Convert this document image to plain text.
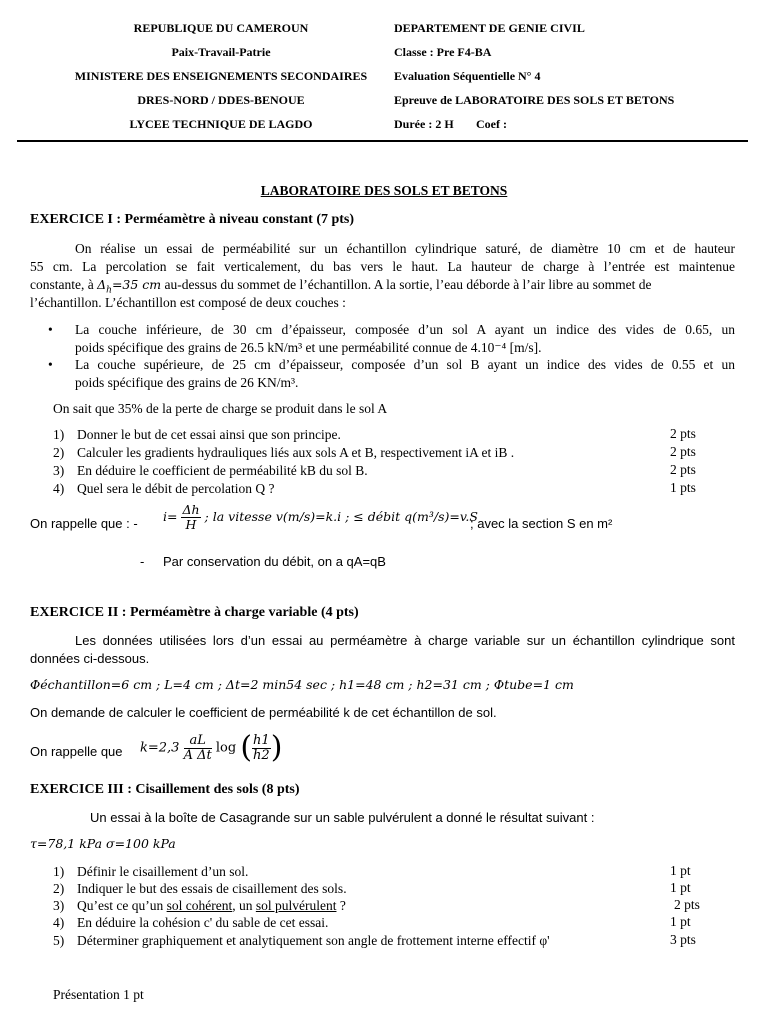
REPUBLIQUE DU CAMEROUN
Paix-Travail-Patrie
MINISTERE DES ENSEIGNEMENTS SECONDAIRES
DRES-NORD / DDES-BENOUE
LYCEE TECHNIQUE DE LAGDO
DEPARTEMENT DE GENIE CIVIL
Classe : Pre F4-BA
Evaluation Séquentielle N° 4
Epreuve de LABORATOIRE DES SOLS ET BETONS
Durée : 2 H Coef :
LABORATOIRE DES SOLS ET BETONS
EXERCICE I : Perméamètre à niveau constant (7 pts)
On réalise un essai de perméabilité sur un échantillon cylindrique saturé, de diamètre 10 cm et de hauteur
55 cm. La percolation se fait verticalement, du bas vers le haut. La hauteur de charge à l’entrée est maintenue
constante, à $\Delta_h=35$ cm au-dessus du sommet de l’échantillon. A la sortie, l’eau déborde à l’air libre au sommet de
l’échantillon. L’échantillon est composé de deux couches :
• La couche inférieure, de 30 cm d’épaisseur, composée d’un sol A ayant un indice des vides de 0.65, un
poids spécifique des grains de 26.5 kN/m³ et une perméabilité connue de 4.10⁻⁴ [m/s].
• La couche supérieure, de 25 cm d’épaisseur, composée d’un sol B ayant un indice des vides de 0.55 et un
poids spécifique des grains de 26 KN/m³.
On sait que 35% de la perte de charge se produit dans le sol A
1) Donner le but de cet essai ainsi que son principe.	2 pts
2) Calculer les gradients hydrauliques liés aux sols A et B, respectivement iA et iB .	2 pts
3) En déduire le coefficient de perméabilité kB du sol B.	2 pts
4) Quel sera le débit de percolation Q ?	1 pts
On rappelle que : - $i= \frac{\Delta h}{H}$ ; la vitesse v(m/s)=k.i ; ≤ débit q(m³/s)=v.S
; avec la section S en m²
- Par conservation du débit, on a qA=qB
EXERCICE II : Perméamètre à charge variable (4 pts)
Les données utilisées lors d’un essai au perméamètre à charge variable sur un échantillon cylindrique sont
données ci-dessous.
Φéchantillon=6 cm ; L=4 cm ; Δt=2 min54 sec ; h1=48 cm ; h2=31 cm ; Φtube=1 cm
On demande de calculer le coefficient de perméabilité k de cet échantillon de sol.
On rappelle que $k=2,3 \frac{aL}{\text{A Δt}}$ log ( $\frac{h1}{h2}$ )
EXERCICE III : Cisaillement des sols (8 pts)
Un essai à la boîte de Casagrande sur un sable pulvérulent a donné le résultat suivant :
τ=78,1 kPa σ=100 kPa
1) Définir le cisaillement d’un sol.	1 pt
2) Indiquer le but des essais de cisaillement des sols.	1 pt
3) Qu’est ce qu’un sol cohérent, un sol pulvérulent ?	2 pts
4) En déduire la cohésion c' du sable de cet essai.	1 pt
5) Déterminer graphiquement et analytiquement son angle de frottement interne effectif φ'	3 pts
Présentation 1 pt
